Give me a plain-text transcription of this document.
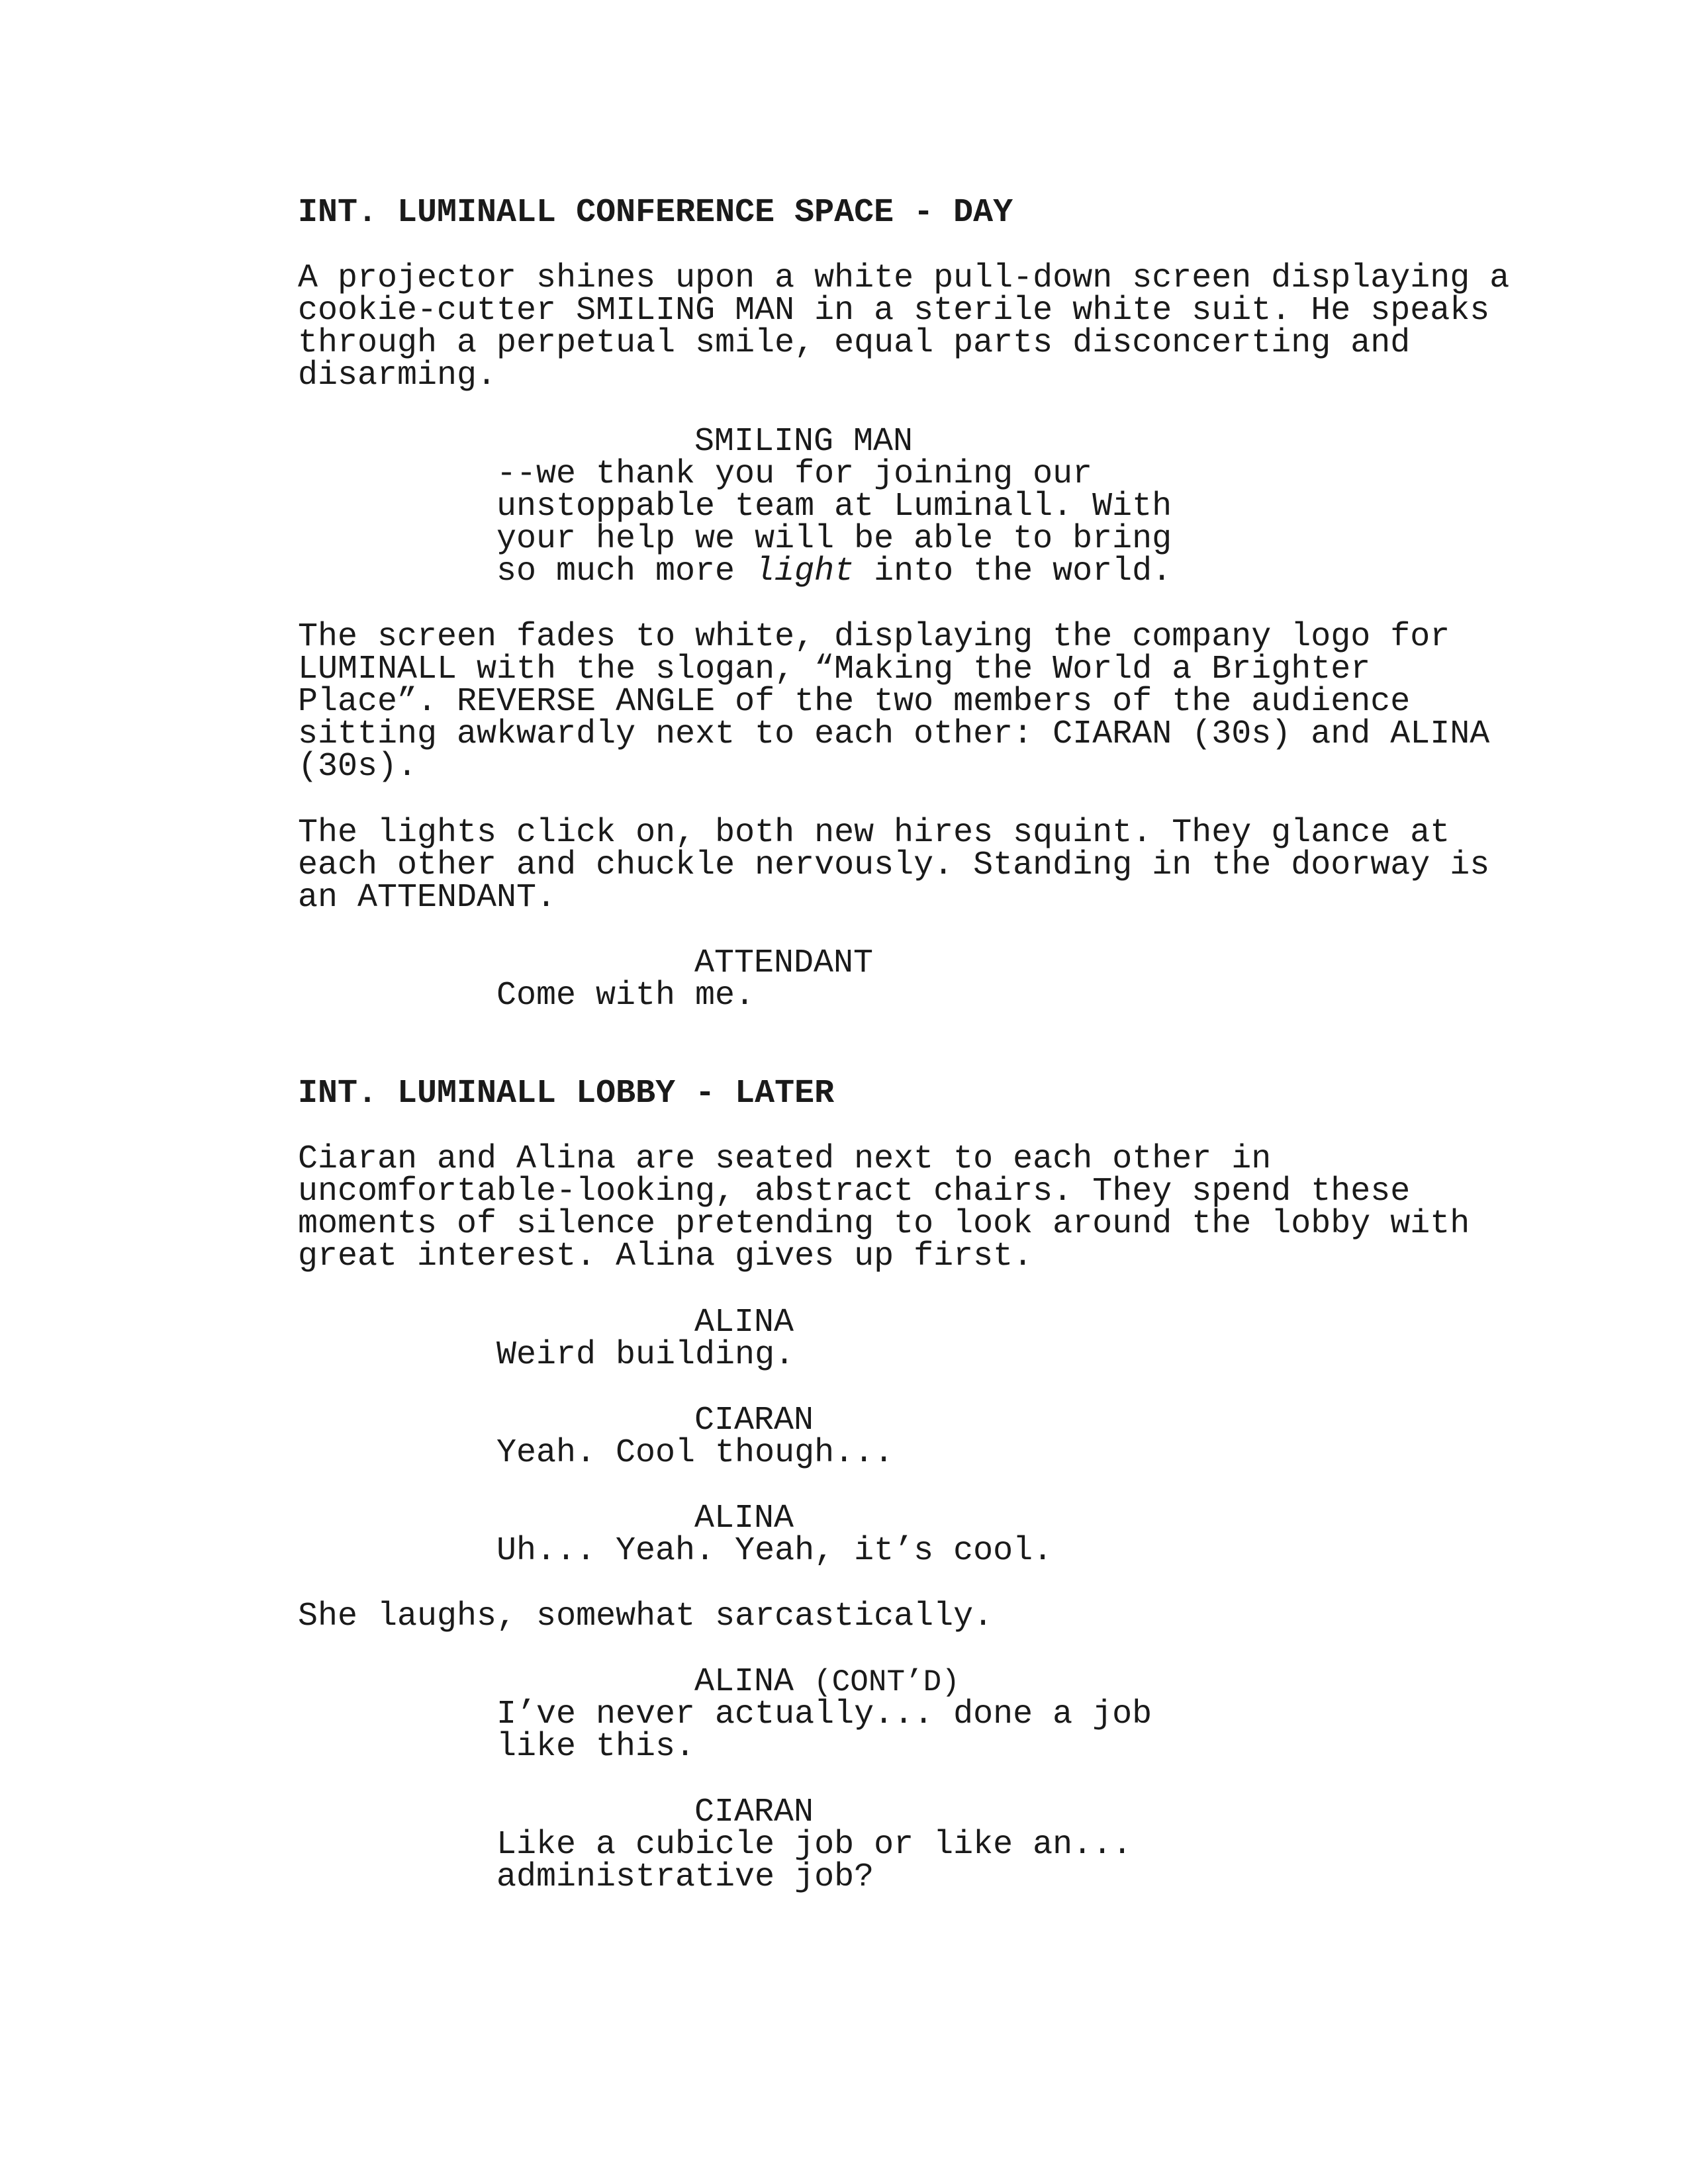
INT. LUMINALL CONFERENCE SPACE - DAY
A projector shines upon a white pull-down screen displaying a
cookie-cutter SMILING MAN in a sterile white suit. He speaks
through a perpetual smile, equal parts disconcerting and
disarming.
SMILING MAN
--we thank you for joining our
unstoppable team at Luminall. With
your help we will be able to bring
so much more light into the world.
The screen fades to white, displaying the company logo for
LUMINALL with the slogan, “Making the World a Brighter
Place”. REVERSE ANGLE of the two members of the audience
sitting awkwardly next to each other: CIARAN (30s) and ALINA
(30s).
The lights click on, both new hires squint. They glance at
each other and chuckle nervously. Standing in the doorway is
an ATTENDANT.
ATTENDANT
Come with me.
INT. LUMINALL LOBBY - LATER
Ciaran and Alina are seated next to each other in
uncomfortable-looking, abstract chairs. They spend these
moments of silence pretending to look around the lobby with
great interest. Alina gives up first.
ALINA
Weird building.
CIARAN
Yeah. Cool though...
ALINA
Uh... Yeah. Yeah, it’s cool.
She laughs, somewhat sarcastically.
ALINA (CONT’D)
I’ve never actually... done a job
like this.
CIARAN
Like a cubicle job or like an...
administrative job?
